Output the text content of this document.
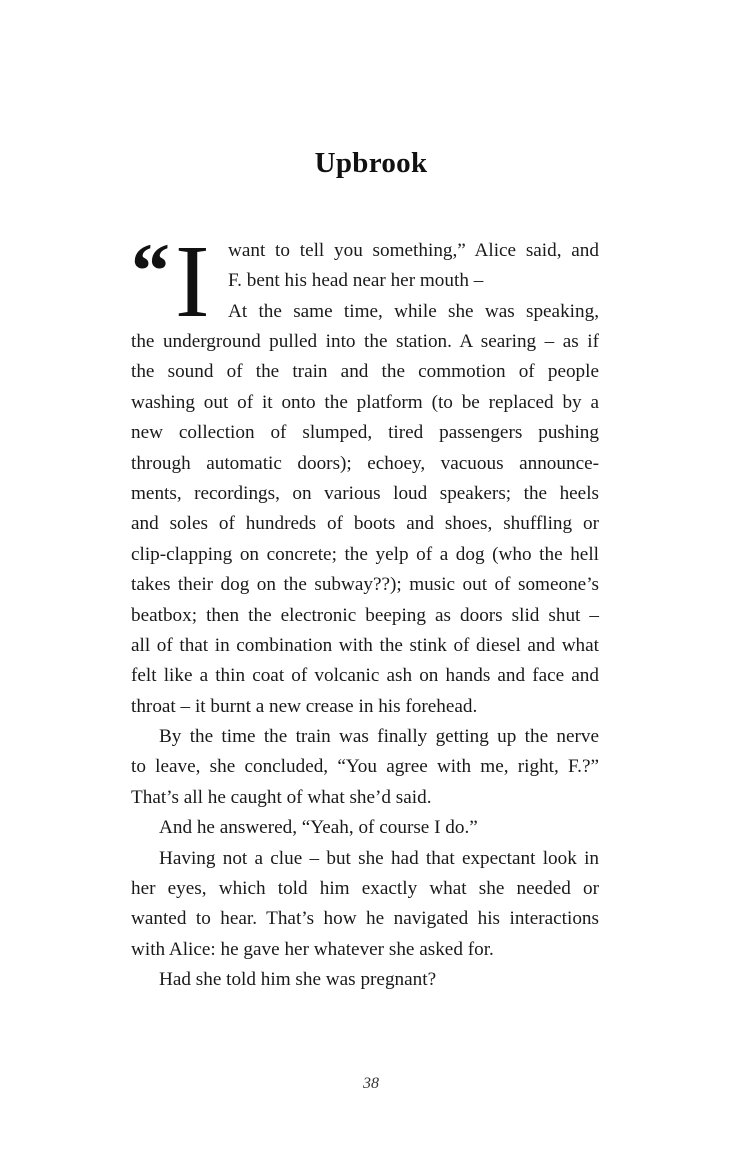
Upbrook
“ I want to tell you something,” Alice said, and
F. bent his head near her mouth –
At the same time, while she was speaking,
the underground pulled into the station. A searing – as if
the sound of the train and the commotion of people
washing out of it onto the platform (to be replaced by a
new collection of slumped, tired passengers pushing
through automatic doors); echoey, vacuous announce-
ments, recordings, on various loud speakers; the heels
and soles of hundreds of boots and shoes, shuffling or
clip-clapping on concrete; the yelp of a dog (who the hell
takes their dog on the subway??); music out of someone’s
beatbox; then the electronic beeping as doors slid shut –
all of that in combination with the stink of diesel and what
felt like a thin coat of volcanic ash on hands and face and
throat – it burnt a new crease in his forehead.
By the time the train was finally getting up the nerve
to leave, she concluded, “You agree with me, right, F.?”
That’s all he caught of what she’d said.
And he answered, “Yeah, of course I do.”
Having not a clue – but she had that expectant look in
her eyes, which told him exactly what she needed or
wanted to hear. That’s how he navigated his interactions
with Alice: he gave her whatever she asked for.
Had she told him she was pregnant?
38
